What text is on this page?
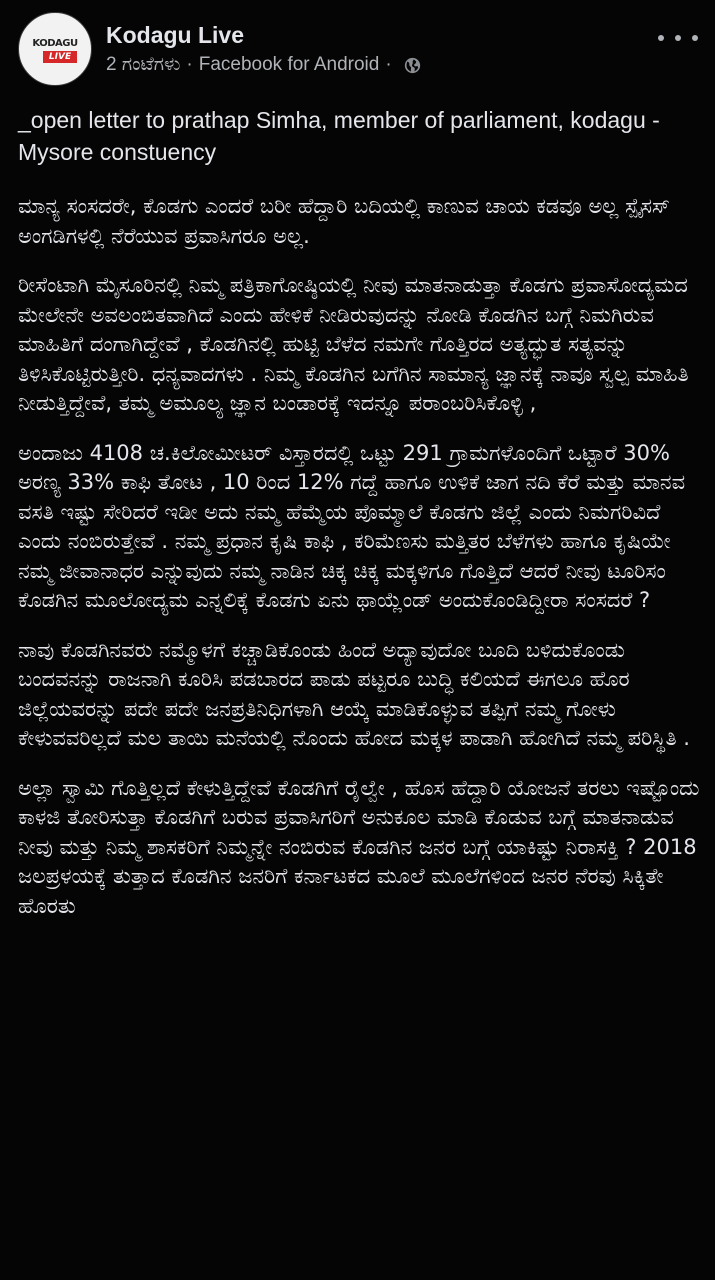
KODAGU
LIVE
Kodagu Live
2 ಗಂಟೆಗಳು · Facebook for Android ·

_open letter to prathap Simha, member of parliament, kodagu - Mysore constuency

ಮಾನ್ಯ ಸಂಸದರೇ, ಕೊಡಗು ಎಂದರೆ ಬರೀ ಹೆದ್ದಾರಿ ಬದಿಯಲ್ಲಿ ಕಾಣುವ ಚಾಯ ಕಡವೂ ಅಲ್ಲ ಸ್ಪೈಸಸ್ ಅಂಗಡಿಗಳಲ್ಲಿ ನೆರೆಯುವ ಪ್ರವಾಸಿಗರೂ ಅಲ್ಲ.

ರೀಸೆಂಟಾಗಿ ಮೈಸೂರಿನಲ್ಲಿ ನಿಮ್ಮ ಪತ್ರಿಕಾಗೋಷ್ಠಿಯಲ್ಲಿ ನೀವು ಮಾತನಾಡುತ್ತಾ ಕೊಡಗು ಪ್ರವಾಸೋದ್ಯಮದ ಮೇಲೇನೇ ಅವಲಂಬಿತವಾಗಿದೆ ಎಂದು ಹೇಳಿಕೆ ನೀಡಿರುವುದನ್ನು ನೋಡಿ ಕೊಡಗಿನ ಬಗ್ಗೆ ನಿಮಗಿರುವ ಮಾಹಿತಿಗೆ ದಂಗಾಗಿದ್ದೇವೆ , ಕೊಡಗಿನಲ್ಲಿ ಹುಟ್ಟಿ ಬೆಳೆದ ನಮಗೇ ಗೊತ್ತಿರದ ಅತ್ಯದ್ಭುತ ಸತ್ಯವನ್ನು ತಿಳಿಸಿಕೊಟ್ಟಿರುತ್ತೀರಿ. ಧನ್ಯವಾದಗಳು . ನಿಮ್ಮ ಕೊಡಗಿನ ಬಗೆಗಿನ ಸಾಮಾನ್ಯ ಜ್ಞಾನಕ್ಕೆ ನಾವೂ ಸ್ವಲ್ಪ ಮಾಹಿತಿ ನೀಡುತ್ತಿದ್ದೇವೆ, ತಮ್ಮ ಅಮೂಲ್ಯ ಜ್ಞಾನ ಬಂಡಾರಕ್ಕೆ ಇದನ್ನೂ ಪರಾಂಬರಿಸಿಕೊಳ್ಳಿ ,

ಅಂದಾಜು 4108 ಚ.ಕಿಲೋಮೀಟರ್ ವಿಸ್ತಾರದಲ್ಲಿ ಒಟ್ಟು 291 ಗ್ರಾಮಗಳೊಂದಿಗೆ ಒಟ್ಟಾರೆ 30% ಅರಣ್ಯ 33% ಕಾಫಿ ತೋಟ , 10 ರಿಂದ 12% ಗದ್ದೆ ಹಾಗೂ ಉಳಿಕೆ ಜಾಗ ನದಿ ಕೆರೆ ಮತ್ತು ಮಾನವ ವಸತಿ ಇಷ್ಟು ಸೇರಿದರೆ ಇಡೀ ಅದು ನಮ್ಮ ಹೆಮ್ಮೆಯ ಪೊಮ್ಮಾಲೆ ಕೊಡಗು ಜಿಲ್ಲೆ ಎಂದು ನಿಮಗರಿವಿದೆ ಎಂದು ನಂಬಿರುತ್ತೇವೆ . ನಮ್ಮ ಪ್ರಧಾನ ಕೃಷಿ ಕಾಫಿ , ಕರಿಮೆಣಸು ಮತ್ತಿತರ ಬೆಳೆಗಳು ಹಾಗೂ ಕೃಷಿಯೇ ನಮ್ಮ ಜೀವಾನಾಧರ ಎನ್ನುವುದು ನಮ್ಮ ನಾಡಿನ ಚಿಕ್ಕ ಚಿಕ್ಕ ಮಕ್ಕಳಿಗೂ ಗೊತ್ತಿದೆ ಆದರೆ ನೀವು ಟೂರಿಸಂ ಕೊಡಗಿನ ಮೂಲೋದ್ಯಮ ಎನ್ನಲಿಕ್ಕೆ ಕೊಡಗು ಏನು ಥಾಯ್ಲೆಂಡ್ ಅಂದುಕೊಂಡಿದ್ದೀರಾ ಸಂಸದರೆ ?

ನಾವು ಕೊಡಗಿನವರು ನಮ್ಮೊಳಗೆ ಕಚ್ಚಾಡಿಕೊಂಡು ಹಿಂದೆ ಅದ್ಯಾವುದೋ ಬೂದಿ ಬಳಿದುಕೊಂಡು ಬಂದವನನ್ನು ರಾಜನಾಗಿ ಕೂರಿಸಿ ಪಡಬಾರದ ಪಾಡು ಪಟ್ಟರೂ ಬುದ್ಧಿ ಕಲಿಯದೆ ಈಗಲೂ ಹೊರ ಜಿಲ್ಲೆಯವರನ್ನು ಪದೇ ಪದೇ ಜನಪ್ರತಿನಿಧಿಗಳಾಗಿ ಆಯ್ಕೆ ಮಾಡಿಕೊಳ್ಳುವ ತಪ್ಪಿಗೆ ನಮ್ಮ ಗೋಳು ಕೇಳುವವರಿಲ್ಲದೆ ಮಲ ತಾಯಿ ಮನೆಯಲ್ಲಿ ನೊಂದು ಹೋದ ಮಕ್ಕಳ ಪಾಡಾಗಿ ಹೋಗಿದೆ ನಮ್ಮ ಪರಿಸ್ಥಿತಿ .

ಅಲ್ಲಾ ಸ್ವಾಮಿ ಗೊತ್ತಿಲ್ಲದೆ ಕೇಳುತ್ತಿದ್ದೇವೆ ಕೊಡಗಿಗೆ ರೈಲ್ವೇ , ಹೊಸ ಹೆದ್ದಾರಿ ಯೋಜನೆ ತರಲು ಇಷ್ಟೊಂದು ಕಾಳಜಿ ತೋರಿಸುತ್ತಾ ಕೊಡಗಿಗೆ ಬರುವ ಪ್ರವಾಸಿಗರಿಗೆ ಅನುಕೂಲ ಮಾಡಿ ಕೊಡುವ ಬಗ್ಗೆ ಮಾತನಾಡುವ ನೀವು ಮತ್ತು ನಿಮ್ಮ ಶಾಸಕರಿಗೆ ನಿಮ್ಮನ್ನೇ ನಂಬಿರುವ ಕೊಡಗಿನ ಜನರ ಬಗ್ಗೆ ಯಾಕಿಷ್ಟು ನಿರಾಸಕ್ತಿ ? 2018 ಜಲಪ್ರಳಯಕ್ಕೆ ತುತ್ತಾದ ಕೊಡಗಿನ ಜನರಿಗೆ ಕರ್ನಾಟಕದ ಮೂಲೆ ಮೂಲೆಗಳಿಂದ ಜನರ ನೆರವು ಸಿಕ್ಕಿತೇ ಹೊರತು
